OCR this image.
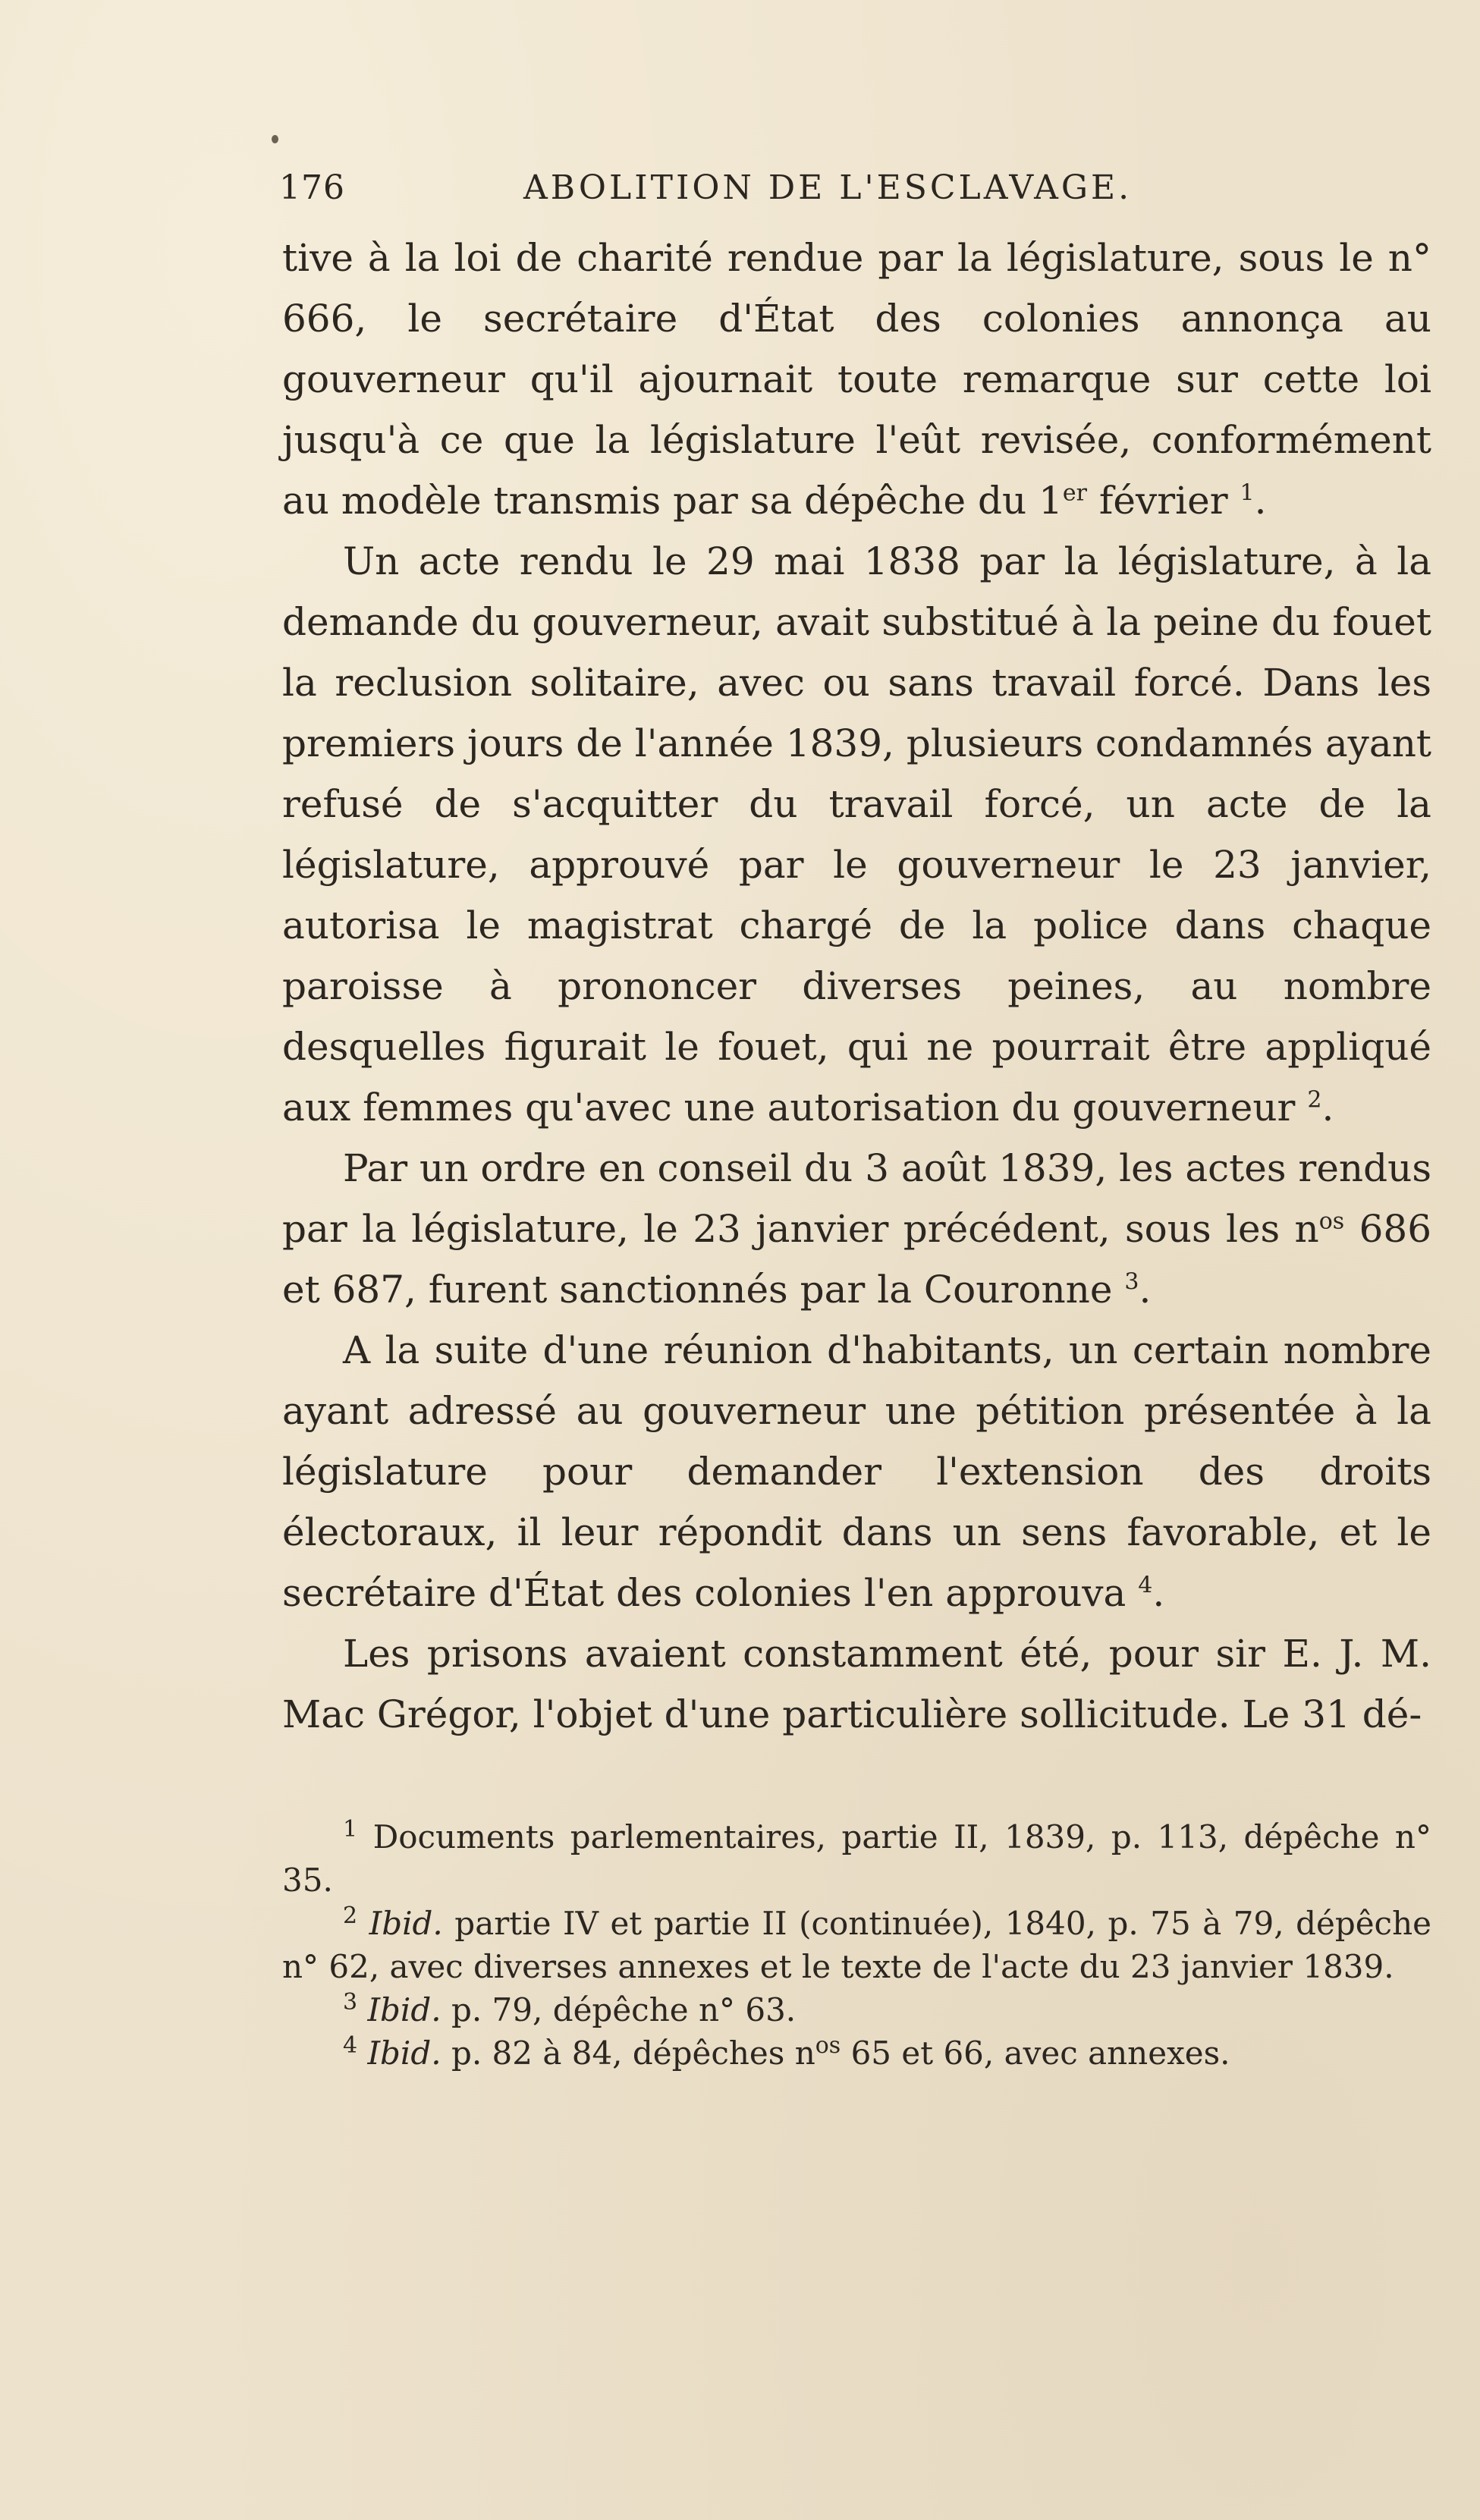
176	ABOLITION DE L'ESCLAVAGE.

tive à la loi de charité rendue par la législature, sous le n° 666, le secrétaire d'État des colonies annonça au gouverneur qu'il ajournait toute remarque sur cette loi jusqu'à ce que la législature l'eût revisée, conformément au modèle transmis par sa dépêche du 1er février $^1$.

Un acte rendu le 29 mai 1838 par la législature, à la demande du gouverneur, avait substitué à la peine du fouet la reclusion solitaire, avec ou sans travail forcé. Dans les premiers jours de l'année 1839, plusieurs condamnés ayant refusé de s'acquitter du travail forcé, un acte de la législature, approuvé par le gouverneur le 23 janvier, autorisa le magistrat chargé de la police dans chaque paroisse à prononcer diverses peines, au nombre desquelles figurait le fouet, qui ne pourrait être appliqué aux femmes qu'avec une autorisation du gouverneur $^2$.

Par un ordre en conseil du 3 août 1839, les actes rendus par la législature, le 23 janvier précédent, sous les $n^{os}$ 686 et 687, furent sanctionnés par la Couronne $^3$.

A la suite d'une réunion d'habitants, un certain nombre ayant adressé au gouverneur une pétition présentée à la législature pour demander l'extension des droits électoraux, il leur répondit dans un sens favorable, et le secrétaire d'État des colonies l'en approuva $^4$.

Les prisons avaient constamment été, pour sir E. J. M. Mac Grégor, l'objet d'une particulière sollicitude. Le 31 dé-

$^1$ Documents parlementaires, partie II, 1839, p. 113, dépêche n° 35.

$^2$ Ibid. partie IV et partie II (continuée), 1840, p. 75 à 79, dépêche n° 62, avec diverses annexes et le texte de l'acte du 23 janvier 1839.

$^3$ Ibid. p. 79, dépêche n° 63.

$^4$ Ibid. p. 82 à 84, dépêches $n^{os}$ 65 et 66, avec annexes.
